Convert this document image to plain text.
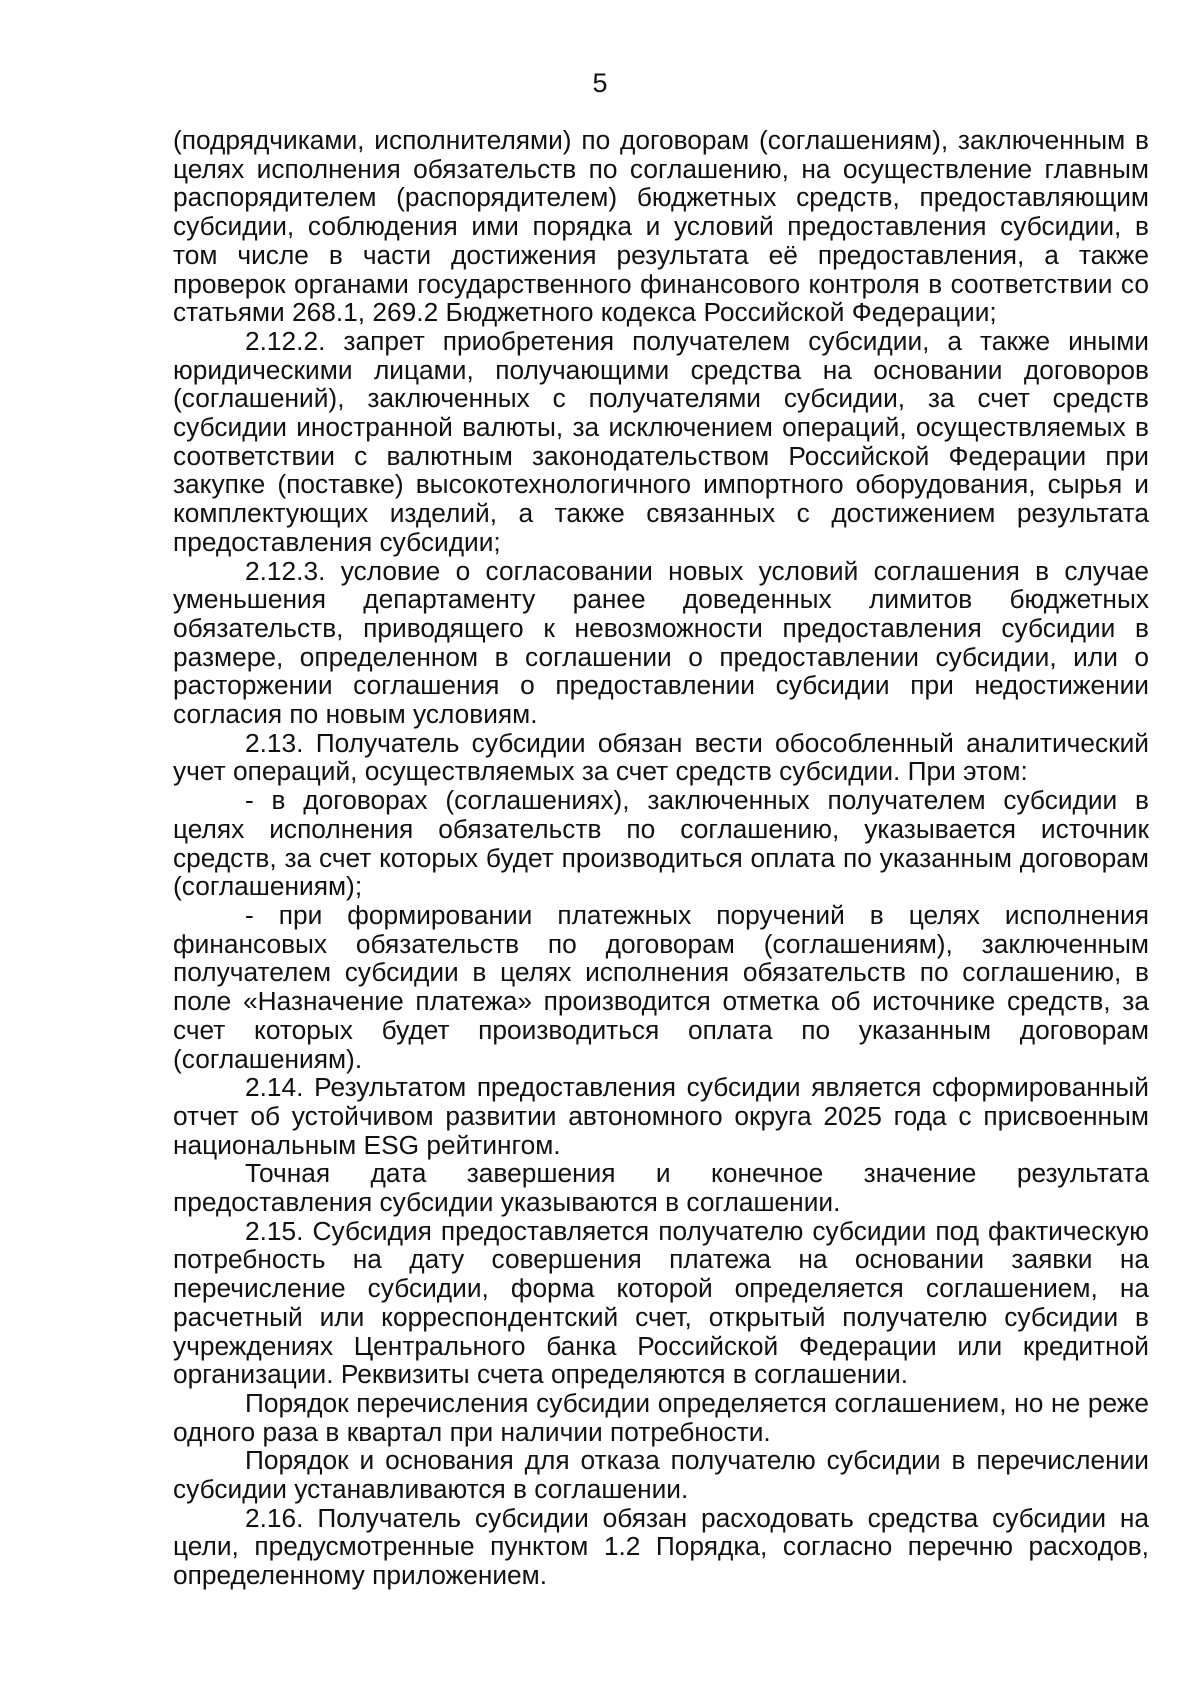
5

(подрядчиками, исполнителями) по договорам (соглашениям), заключенным в целях исполнения обязательств по соглашению, на осуществление главным распорядителем (распорядителем) бюджетных средств, предоставляющим субсидии, соблюдения ими порядка и условий предоставления субсидии, в том числе в части достижения результата её предоставления, а также проверок органами государственного финансового контроля в соответствии со статьями 268.1, 269.2 Бюджетного кодекса Российской Федерации;

2.12.2. запрет приобретения получателем субсидии, а также иными юридическими лицами, получающими средства на основании договоров (соглашений), заключенных с получателями субсидии, за счет средств субсидии иностранной валюты, за исключением операций, осуществляемых в соответствии с валютным законодательством Российской Федерации при закупке (поставке) высокотехнологичного импортного оборудования, сырья и комплектующих изделий, а также связанных с достижением результата предоставления субсидии;

2.12.3. условие о согласовании новых условий соглашения в случае уменьшения департаменту ранее доведенных лимитов бюджетных обязательств, приводящего к невозможности предоставления субсидии в размере, определенном в соглашении о предоставлении субсидии, или о расторжении соглашения о предоставлении субсидии при недостижении согласия по новым условиям.

2.13. Получатель субсидии обязан вести обособленный аналитический учет операций, осуществляемых за счет средств субсидии. При этом:

- в договорах (соглашениях), заключенных получателем субсидии в целях исполнения обязательств по соглашению, указывается источник средств, за счет которых будет производиться оплата по указанным договорам (соглашениям);

- при формировании платежных поручений в целях исполнения финансовых обязательств по договорам (соглашениям), заключенным получателем субсидии в целях исполнения обязательств по соглашению, в поле «Назначение платежа» производится отметка об источнике средств, за счет которых будет производиться оплата по указанным договорам (соглашениям).

2.14. Результатом предоставления субсидии является сформированный отчет об устойчивом развитии автономного округа 2025 года с присвоенным национальным ESG рейтингом.

Точная дата завершения и конечное значение результата предоставления субсидии указываются в соглашении.

2.15. Субсидия предоставляется получателю субсидии под фактическую потребность на дату совершения платежа на основании заявки на перечисление субсидии, форма которой определяется соглашением, на расчетный или корреспондентский счет, открытый получателю субсидии в учреждениях Центрального банка Российской Федерации или кредитной организации. Реквизиты счета определяются в соглашении.

Порядок перечисления субсидии определяется соглашением, но не реже одного раза в квартал при наличии потребности.

Порядок и основания для отказа получателю субсидии в перечислении субсидии устанавливаются в соглашении.

2.16. Получатель субсидии обязан расходовать средства субсидии на цели, предусмотренные пунктом 1.2 Порядка, согласно перечню расходов, определенному приложением.
